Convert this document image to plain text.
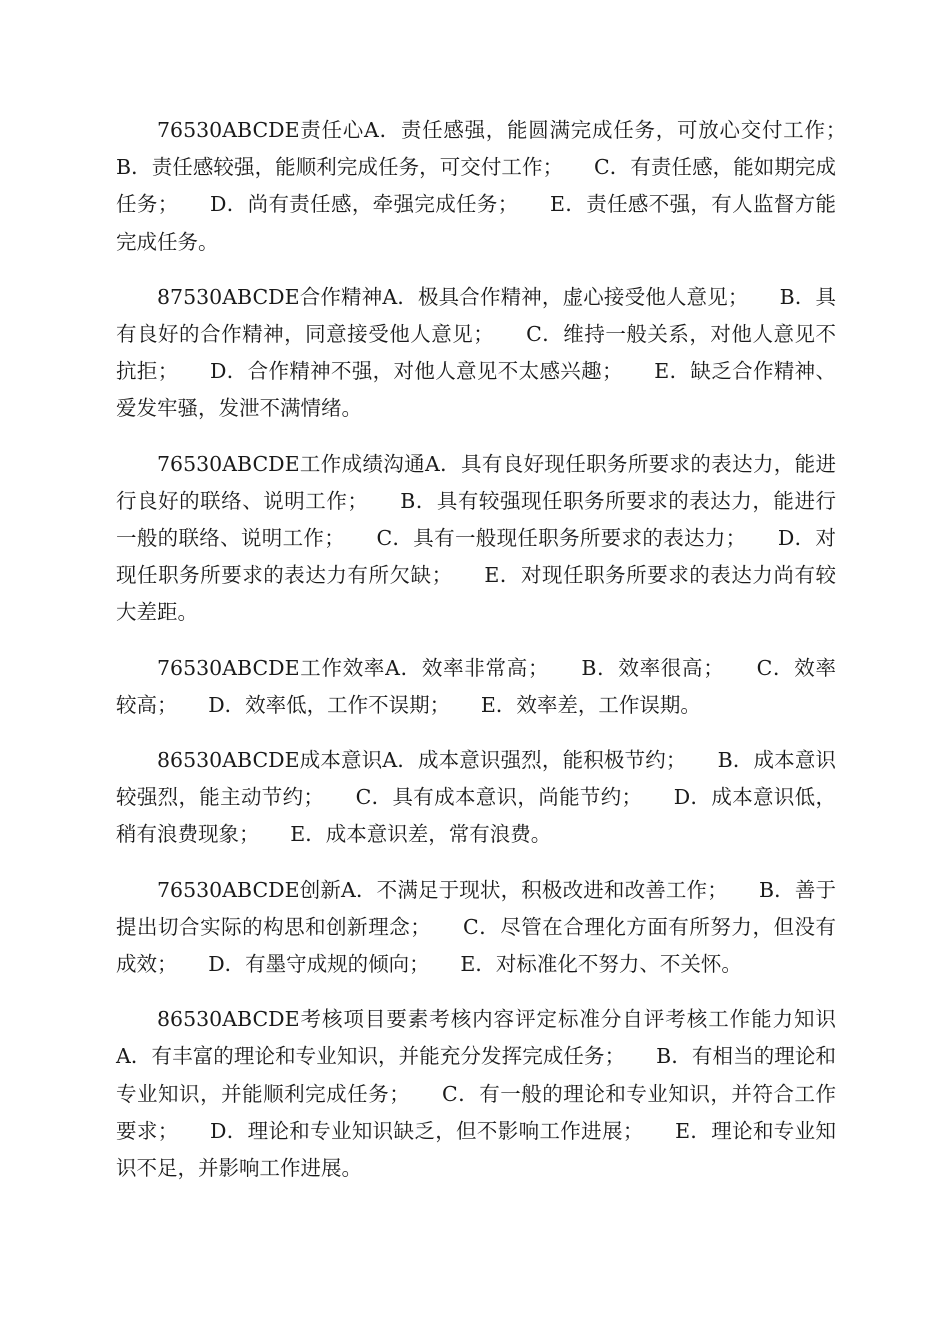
76530ABCDE责任心A．责任感强，能圆满完成任务，可放心交付工作；　　B．责任感较强，能顺利完成任务，可交付工作；　　C．有责任感，能如期完成任务；　　D．尚有责任感，牵强完成任务；　　E．责任感不强，有人监督方能完成任务。

87530ABCDE合作精神A．极具合作精神，虚心接受他人意见；　　B．具有良好的合作精神，同意接受他人意见；　　C．维持一般关系，对他人意见不抗拒；　　D．合作精神不强，对他人意见不太感兴趣；　　E．缺乏合作精神、爱发牢骚，发泄不满情绪。

76530ABCDE工作成绩沟通A．具有良好现任职务所要求的表达力，能进行良好的联络、说明工作；　　B．具有较强现任职务所要求的表达力，能进行一般的联络、说明工作；　　C．具有一般现任职务所要求的表达力；　　D．对现任职务所要求的表达力有所欠缺；　　E．对现任职务所要求的表达力尚有较大差距。

76530ABCDE工作效率A．效率非常高；　　B．效率很高；　　C．效率较高；　　D．效率低，工作不误期；　　E．效率差，工作误期。

86530ABCDE成本意识A．成本意识强烈，能积极节约；　　B．成本意识较强烈，能主动节约；　　C．具有成本意识，尚能节约；　　D．成本意识低，稍有浪费现象；　　E．成本意识差，常有浪费。

76530ABCDE创新A．不满足于现状，积极改进和改善工作；　　B．善于提出切合实际的构思和创新理念；　　C．尽管在合理化方面有所努力，但没有成效；　　D．有墨守成规的倾向；　　E．对标准化不努力、不关怀。

86530ABCDE考核项目要素考核内容评定标准分自评考核工作能力知识A．有丰富的理论和专业知识，并能充分发挥完成任务；　　B．有相当的理论和专业知识，并能顺利完成任务；　　C．有一般的理论和专业知识，并符合工作要求；　　D．理论和专业知识缺乏，但不影响工作进展；　　E．理论和专业知识不足，并影响工作进展。
